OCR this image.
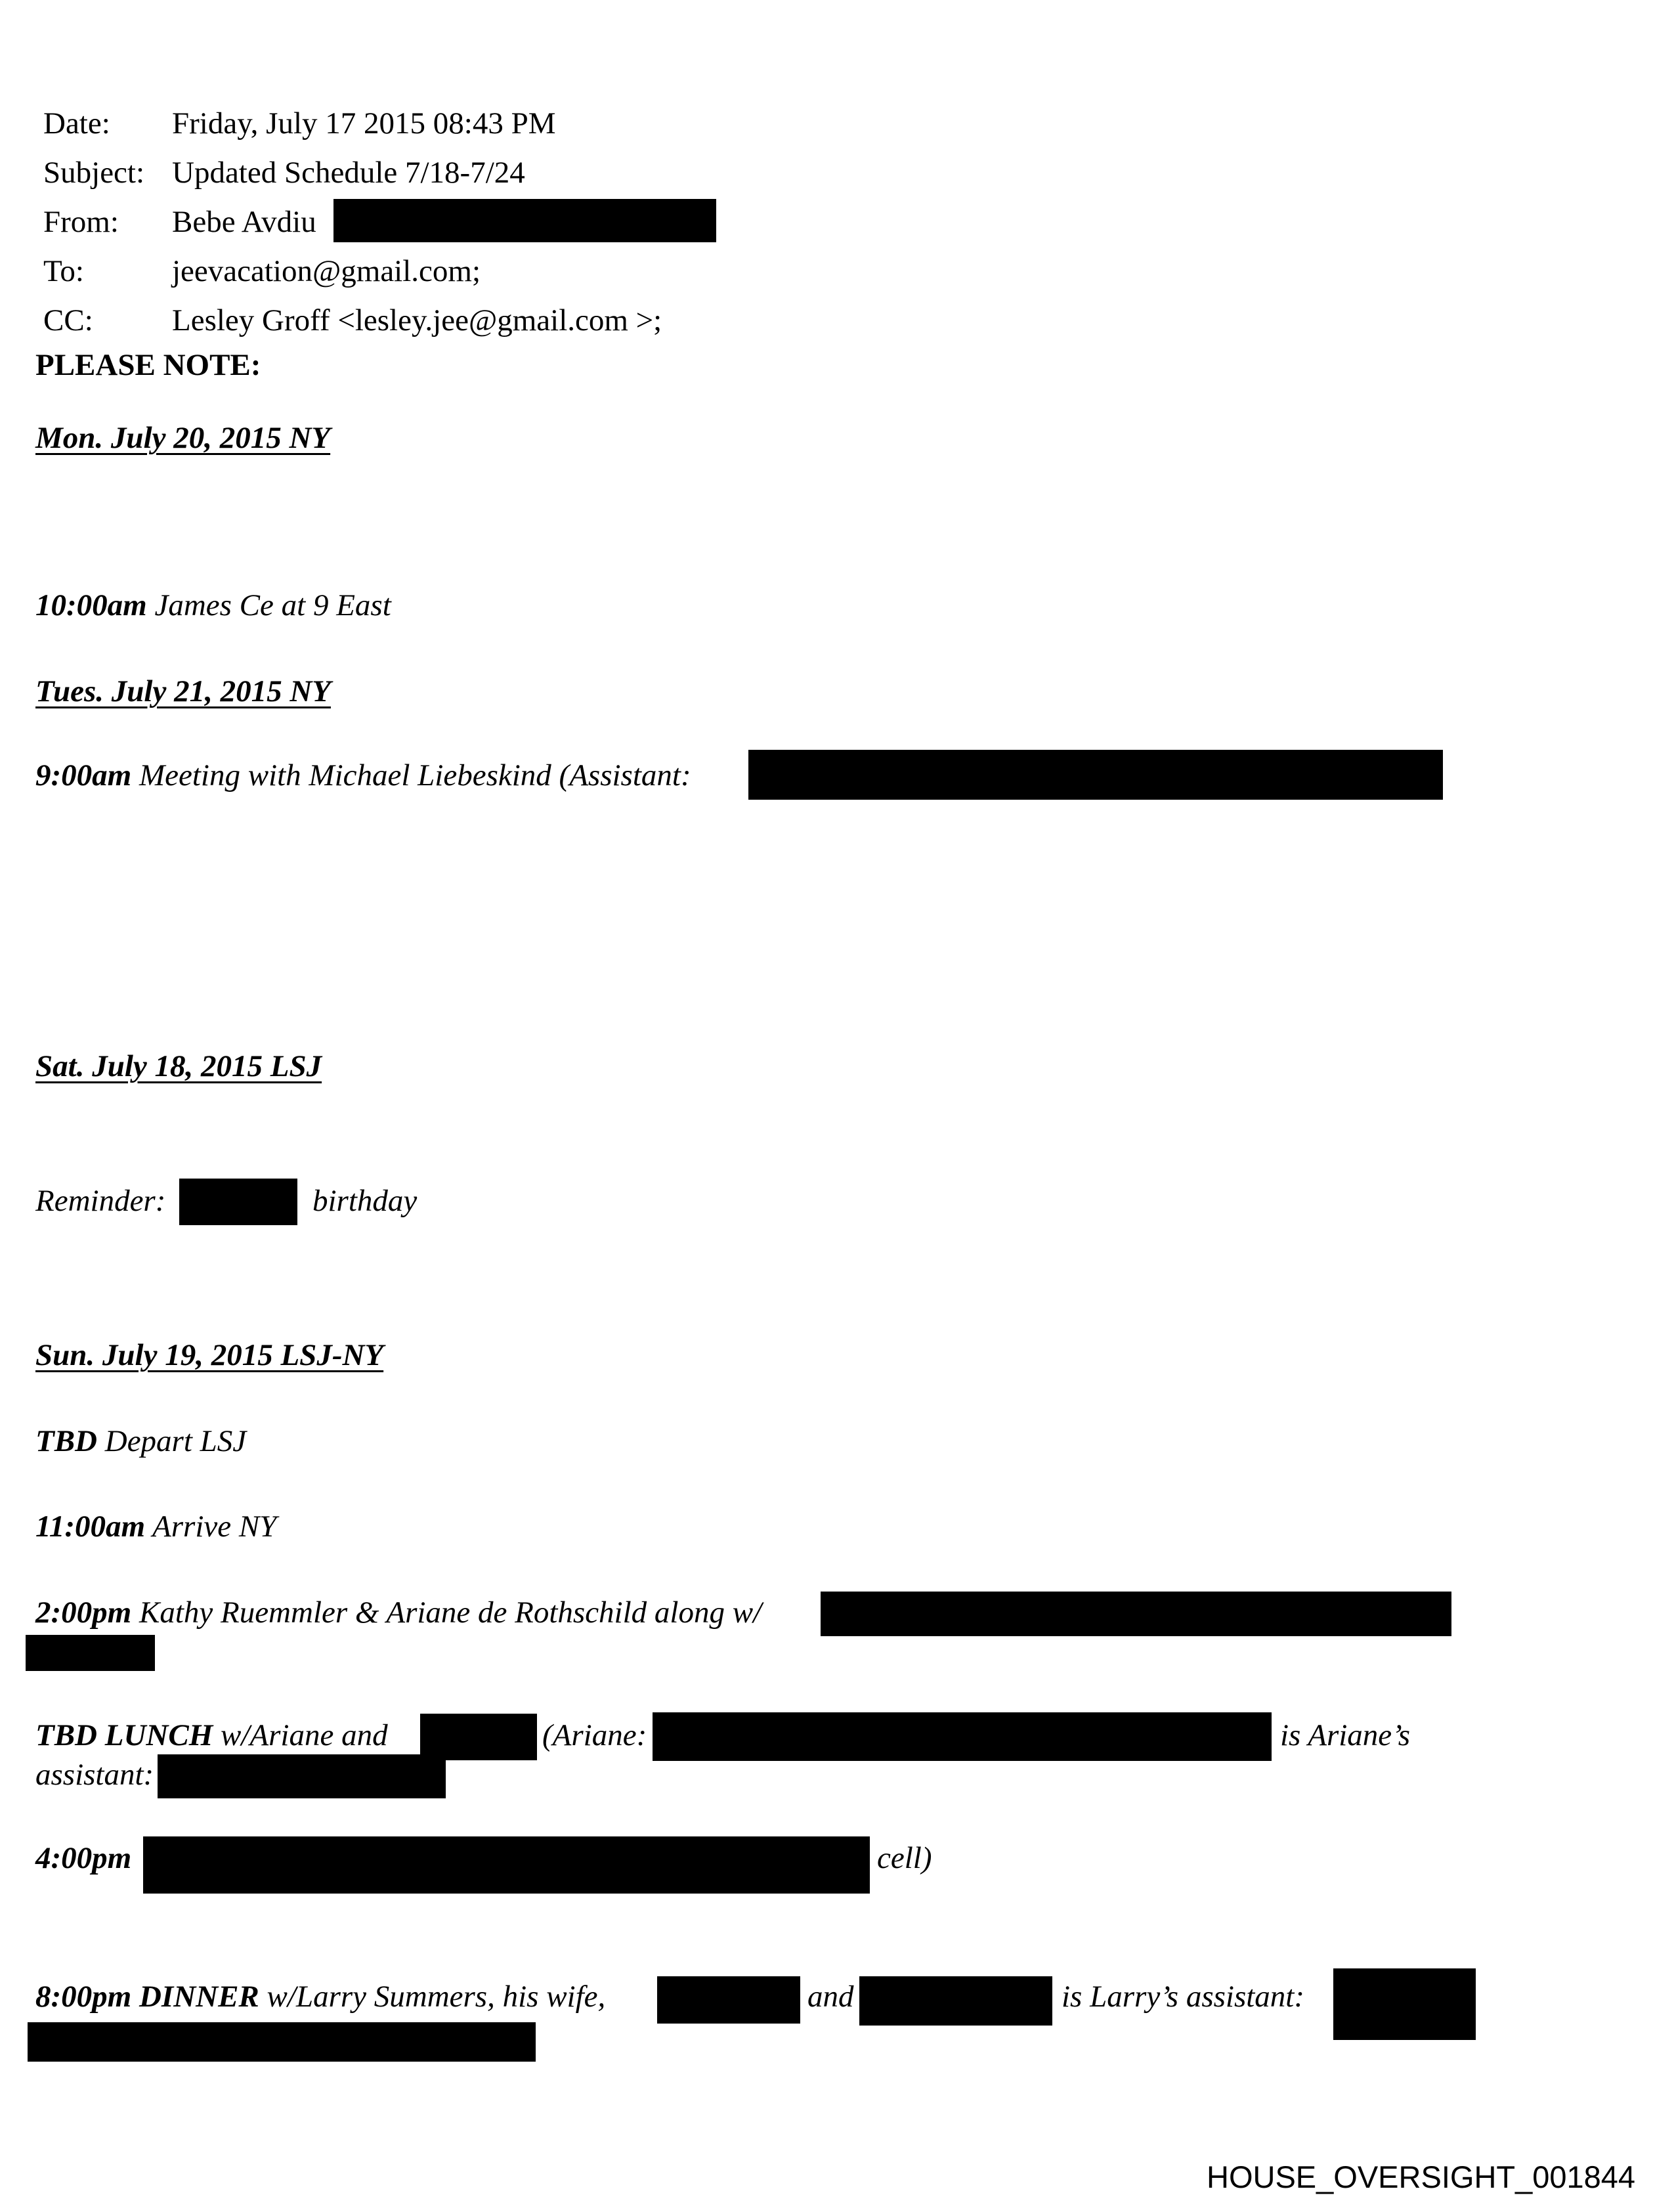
Date: Friday, July 17 2015 08:43 PM
Subject: Updated Schedule 7/18-7/24
From: Bebe Avdiu
To:	jeevacation@gmail.com;
CC:	Lesley Groff <lesley.jee@gmail.com >;
PLEASE NOTE:
Mon. July 20, 2015 NY
10:00am James Ce at 9 East
Tues. July 21, 2015 NY
9:00am Meeting with Michael Liebeskind (Assistant:
Sat. July 18, 2015 LSJ
Reminder:	birthday
Sun. July 19, 2015 LSJ-NY
TBD Depart LSJ
11:00am Arrive NY
2:00pm Kathy Ruemmler & Ariane de Rothschild along w/
TBD LUNCH w/Ariane and	(Ariane:	is Ariane’s
assistant:
4:00pm	cell)
8:00pm DINNER w/Larry Summers, his wife,	and	is Larry’s assistant:
HOUSE_OVERSIGHT_001844
